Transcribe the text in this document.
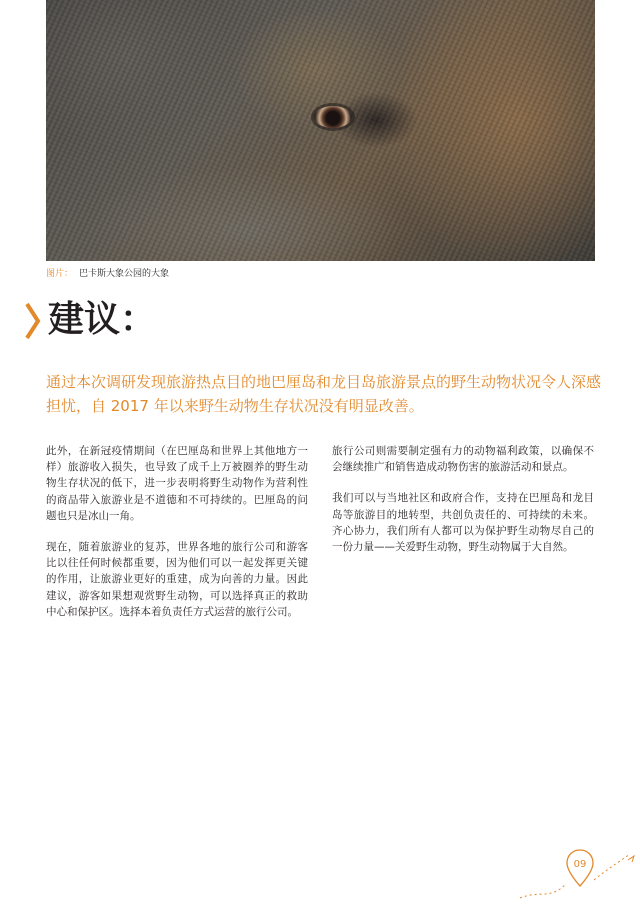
图片： 巴卡斯大象公园的大象
建议：
通过本次调研发现旅游热点目的地巴厘岛和龙目岛旅游景点的野生动物状况令人深感担忧，自 2017 年以来野生动物生存状况没有明显改善。

此外，在新冠疫情期间（在巴厘岛和世界上其他地方一样）旅游收入损失，也导致了成千上万被圈养的野生动物生存状况的低下，进一步表明将野生动物作为营利性的商品带入旅游业是不道德和不可持续的。巴厘岛的问题也只是冰山一角。

现在，随着旅游业的复苏，世界各地的旅行公司和游客比以往任何时候都重要，因为他们可以一起发挥更关键的作用，让旅游业更好的重建，成为向善的力量。因此建议，游客如果想观赏野生动物，可以选择真正的救助中心和保护区。选择本着负责任方式运营的旅行公司。

旅行公司则需要制定强有力的动物福利政策，以确保不会继续推广和销售造成动物伤害的旅游活动和景点。

我们可以与当地社区和政府合作，支持在巴厘岛和龙目岛等旅游目的地转型，共创负责任的、可持续的未来。齐心协力，我们所有人都可以为保护野生动物尽自己的一份力量——关爱野生动物，野生动物属于大自然。

09
